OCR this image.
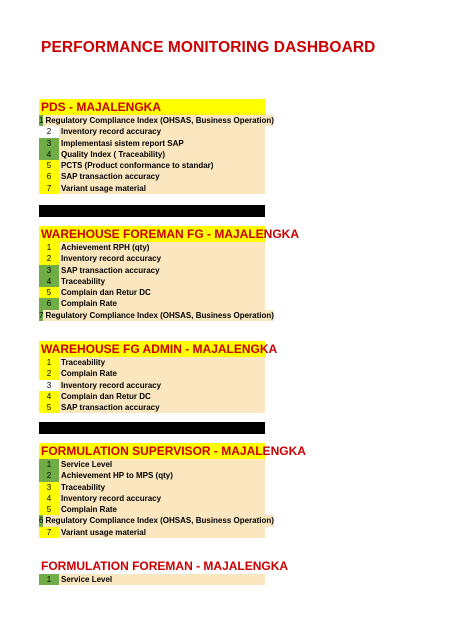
PERFORMANCE MONITORING DASHBOARD
PDS - MAJALENGKA
1 Regulatory Compliance Index (OHSAS, Business Operation)
2	Inventory record accuracy
3	Implementasi sistem report SAP
4	Quality Index ( Traceability)
5	PCTS (Product conformance to standar)
6	SAP transaction accuracy
7	Variant usage material
WAREHOUSE FOREMAN FG - MAJALENGKA
1	Achievement RPH (qty)
2	Inventory record accuracy
3	SAP transaction accuracy
4	Traceability
5	Complain dan Retur DC
6	Complain Rate
7 Regulatory Compliance Index (OHSAS, Business Operation)
WAREHOUSE FG ADMIN - MAJALENGKA
1	Traceability
2	Complain Rate
3	Inventory record accuracy
4	Complain dan Retur DC
5	SAP transaction accuracy
FORMULATION SUPERVISOR - MAJALENGKA
1	Service Level
2	Achievement HP to MPS (qty)
3	Traceability
4	Inventory record accuracy
5	Complain Rate
6 Regulatory Compliance Index (OHSAS, Business Operation)
7	Variant usage material
FORMULATION FOREMAN - MAJALENGKA
1	Service Level
